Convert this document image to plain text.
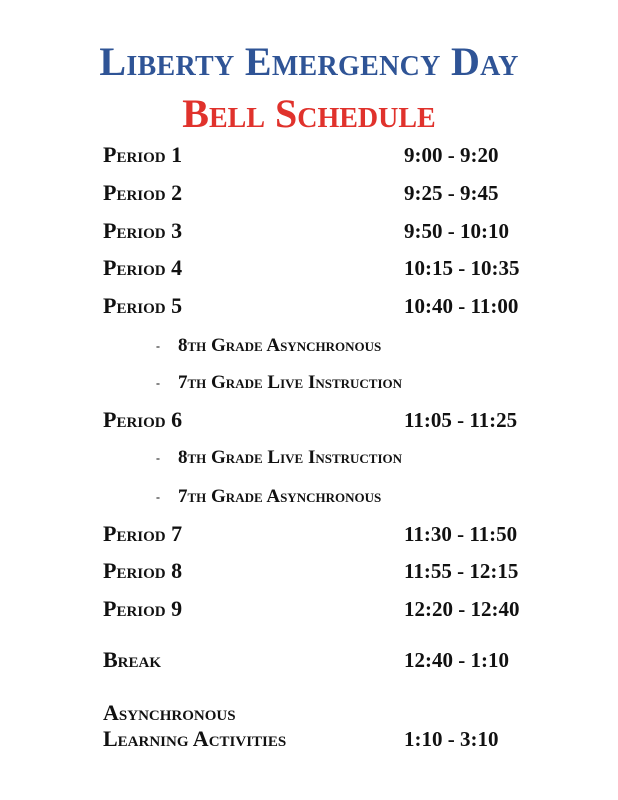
Liberty Emergency Day
Bell Schedule
Period 1	9:00 - 9:20
Period 2	9:25 - 9:45
Period 3	9:50 - 10:10
Period 4	10:15 - 10:35
Period 5	10:40 - 11:00
- 8th Grade Asynchronous
- 7th Grade Live Instruction
Period 6	11:05 - 11:25
- 8th Grade Live Instruction
- 7th Grade Asynchronous
Period 7	11:30 - 11:50
Period 8	11:55 - 12:15
Period 9	12:20 - 12:40
Break	12:40 - 1:10
Asynchronous
Learning Activities	1:10 - 3:10
